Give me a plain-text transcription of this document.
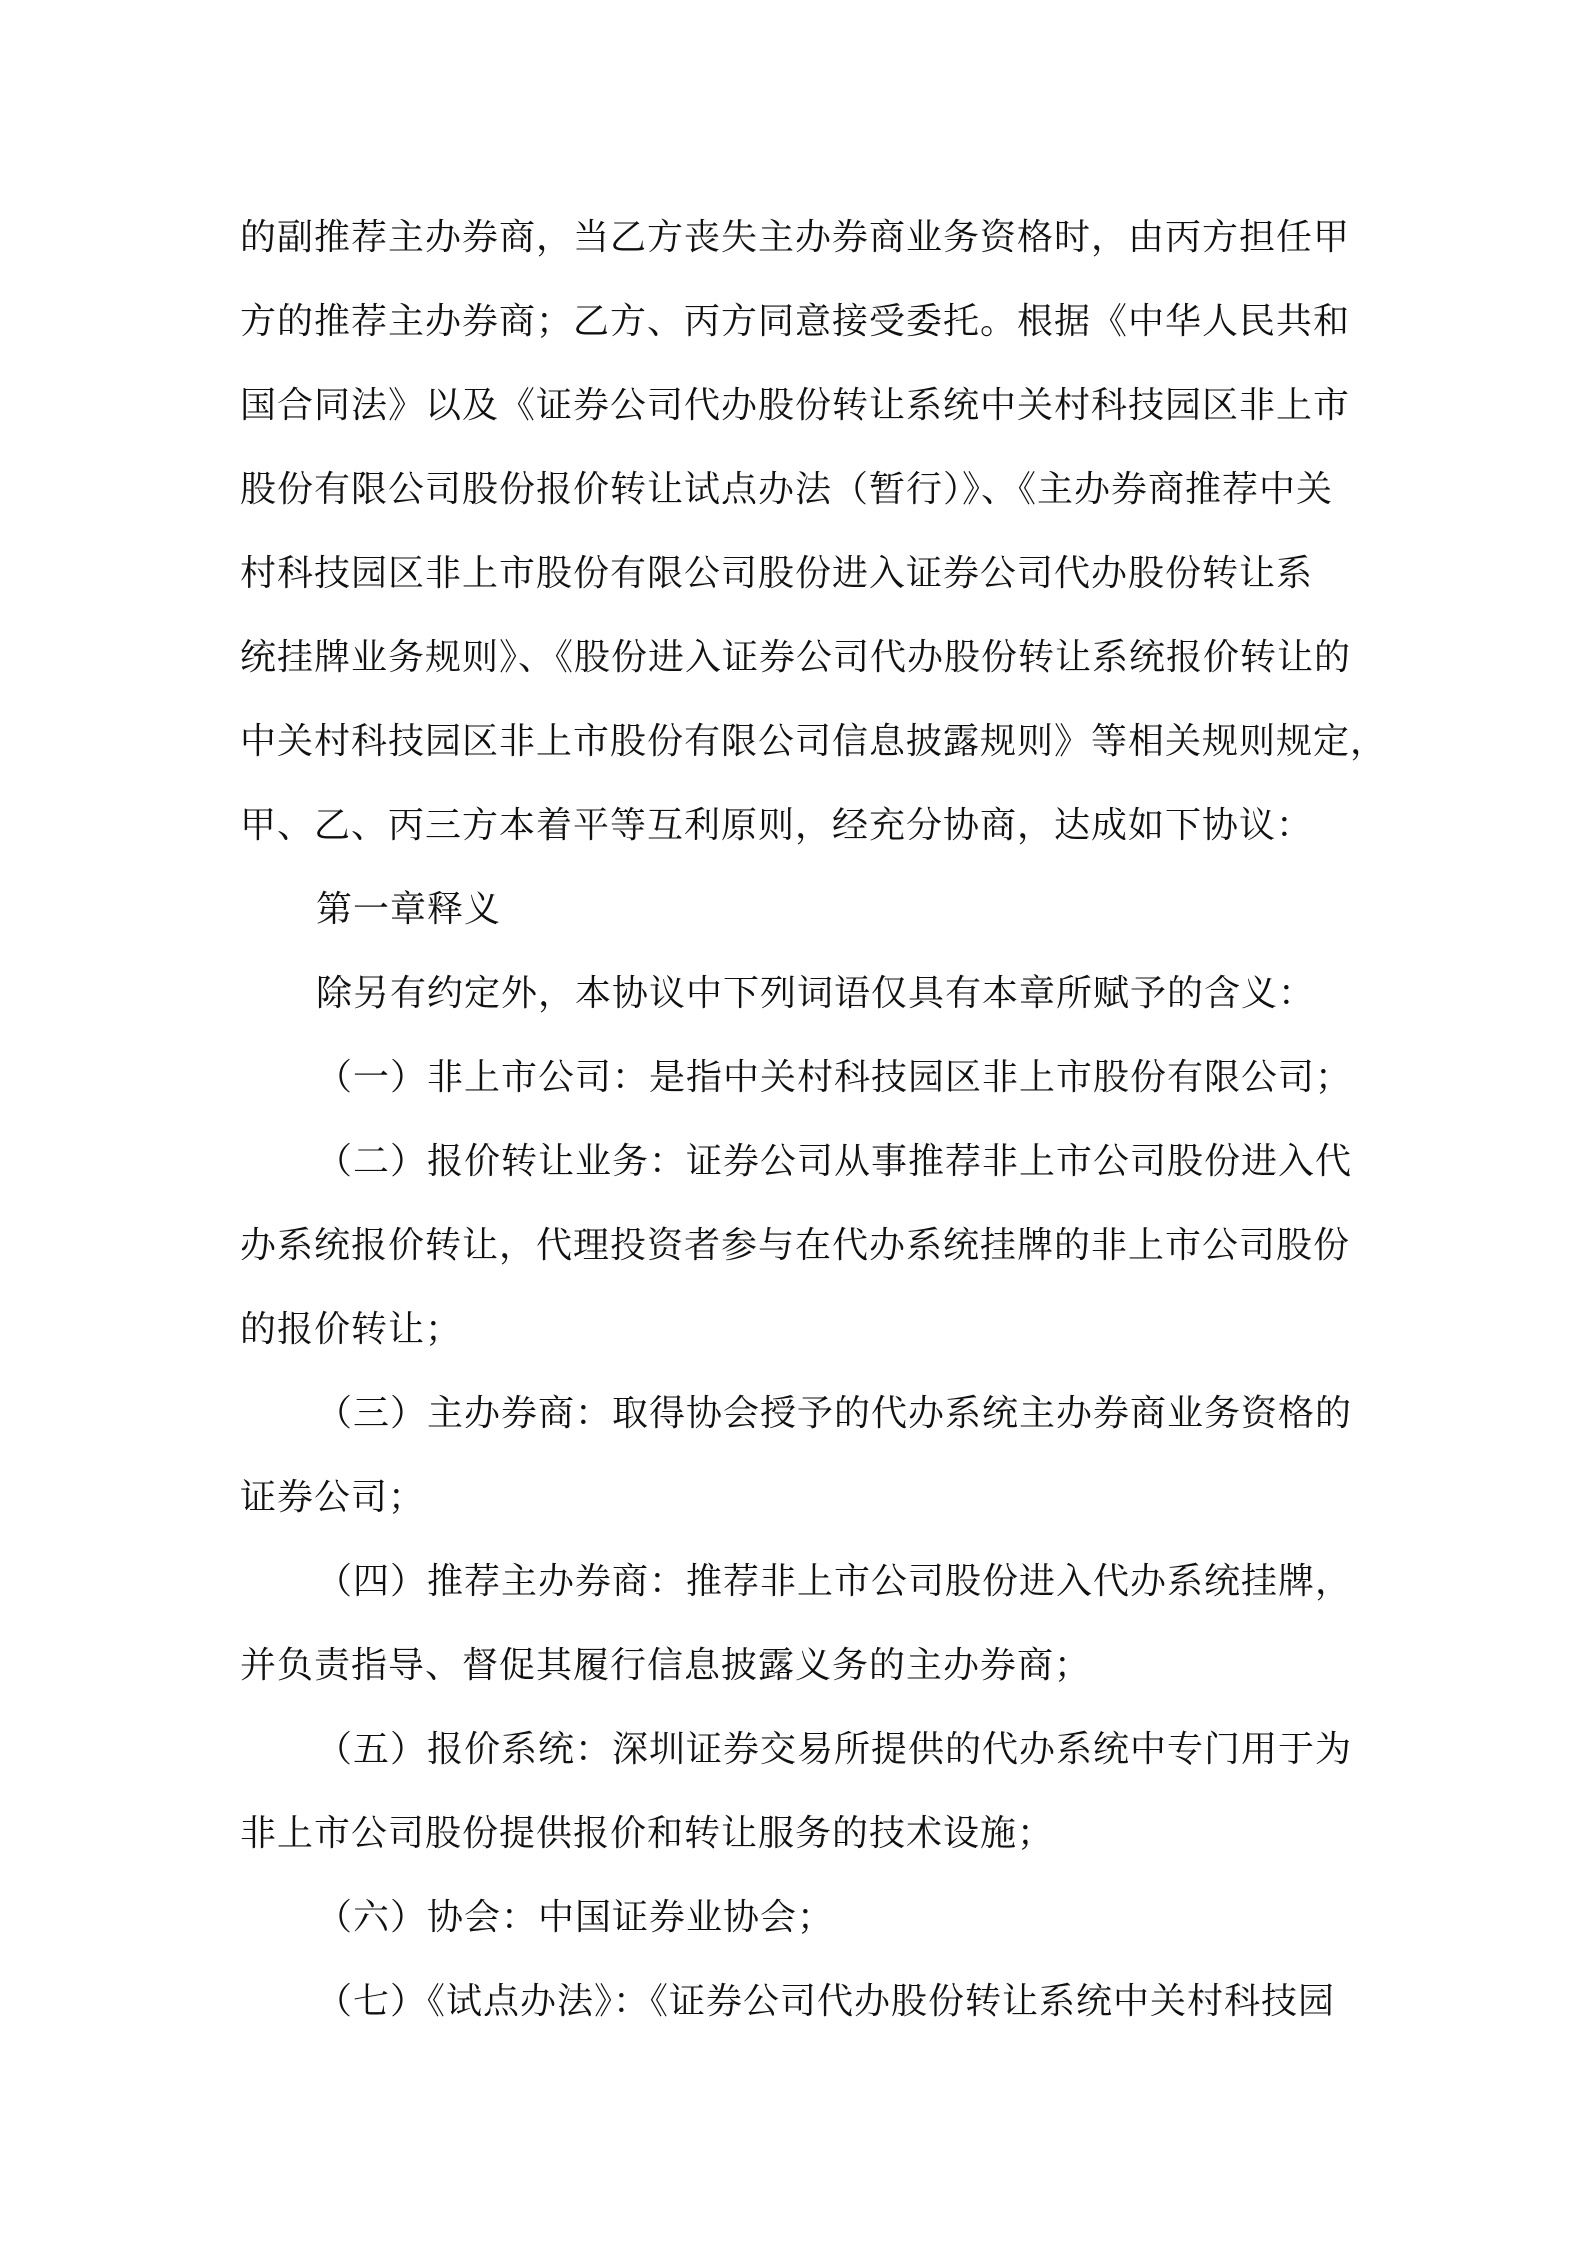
的副推荐主办券商，当乙方丧失主办券商业务资格时，由丙方担任甲
方的推荐主办券商；乙方、丙方同意接受委托。根据《中华人民共和
国合同法》以及《证券公司代办股份转让系统中关村科技园区非上市
股份有限公司股份报价转让试点办法（暂行）》、《主办券商推荐中关
村科技园区非上市股份有限公司股份进入证券公司代办股份转让系
统挂牌业务规则》、《股份进入证券公司代办股份转让系统报价转让的
中关村科技园区非上市股份有限公司信息披露规则》等相关规则规定，
甲、乙、丙三方本着平等互利原则，经充分协商，达成如下协议：
第一章释义
除另有约定外，本协议中下列词语仅具有本章所赋予的含义：
（一）非上市公司：是指中关村科技园区非上市股份有限公司；
（二）报价转让业务：证券公司从事推荐非上市公司股份进入代
办系统报价转让，代理投资者参与在代办系统挂牌的非上市公司股份
的报价转让；
（三）主办券商：取得协会授予的代办系统主办券商业务资格的
证券公司；
（四）推荐主办券商：推荐非上市公司股份进入代办系统挂牌，
并负责指导、督促其履行信息披露义务的主办券商；
（五）报价系统：深圳证券交易所提供的代办系统中专门用于为
非上市公司股份提供报价和转让服务的技术设施；
（六）协会：中国证券业协会；
（七）《试点办法》：《证券公司代办股份转让系统中关村科技园
